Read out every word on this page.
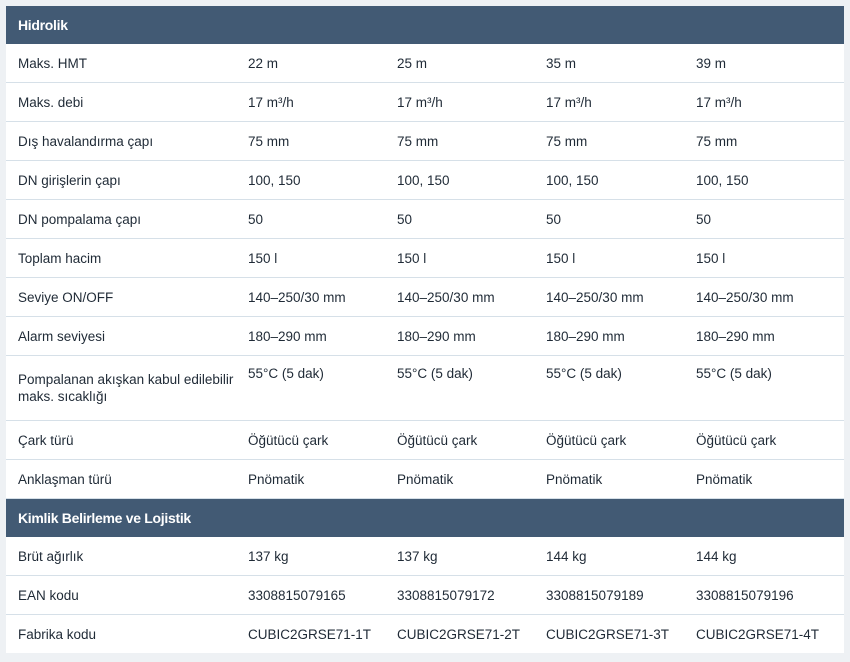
Hidrolik				
Maks. HMT	22 m	25 m	35 m	39 m
Maks. debi	17 m³/h	17 m³/h	17 m³/h	17 m³/h
Dış havalandırma çapı	75 mm	75 mm	75 mm	75 mm
DN girişlerin çapı	100, 150	100, 150	100, 150	100, 150
DN pompalama çapı	50	50	50	50
Toplam hacim	150 l	150 l	150 l	150 l
Seviye ON/OFF	140–250/30 mm	140–250/30 mm	140–250/30 mm	140–250/30 mm
Alarm seviyesi	180–290 mm	180–290 mm	180–290 mm	180–290 mm
Pompalanan akışkan kabul edilebilir maks. sıcaklığı	55°C (5 dak)	55°C (5 dak)	55°C (5 dak)	55°C (5 dak)
Çark türü	Öğütücü çark	Öğütücü çark	Öğütücü çark	Öğütücü çark
Anklaşman türü	Pnömatik	Pnömatik	Pnömatik	Pnömatik
Kimlik Belirleme ve Lojistik				
Brüt ağırlık	137 kg	137 kg	144 kg	144 kg
EAN kodu	3308815079165	3308815079172	3308815079189	3308815079196
Fabrika kodu	CUBIC2GRSE71-1T	CUBIC2GRSE71-2T	CUBIC2GRSE71-3T	CUBIC2GRSE71-4T
